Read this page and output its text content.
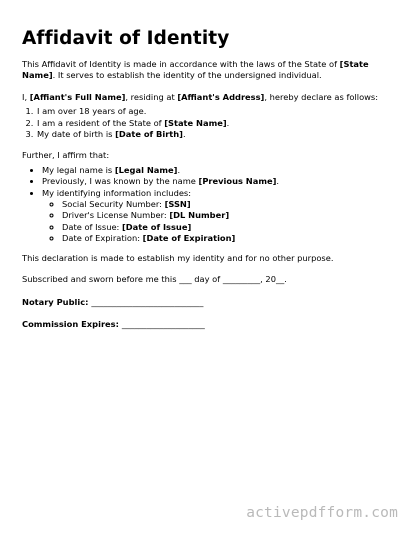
Affidavit of Identity

This Affidavit of Identity is made in accordance with the laws of the State of [State Name]. It serves to establish the identity of the undersigned individual.

I, [Affiant's Full Name], residing at [Affiant's Address], hereby declare as follows:

1. I am over 18 years of age.
2. I am a resident of the State of [State Name].
3. My date of birth is [Date of Birth].

Further, I affirm that:

• My legal name is [Legal Name].
• Previously, I was known by the name [Previous Name].
• My identifying information includes:
◦ Social Security Number: [SSN]
◦ Driver's License Number: [DL Number]
◦ Date of Issue: [Date of Issue]
◦ Date of Expiration: [Date of Expiration]

This declaration is made to establish my identity and for no other purpose.

Subscribed and sworn before me this ___ day of _________, 20__.

Notary Public: ___________________________

Commission Expires: ____________________

activepdfform.com
